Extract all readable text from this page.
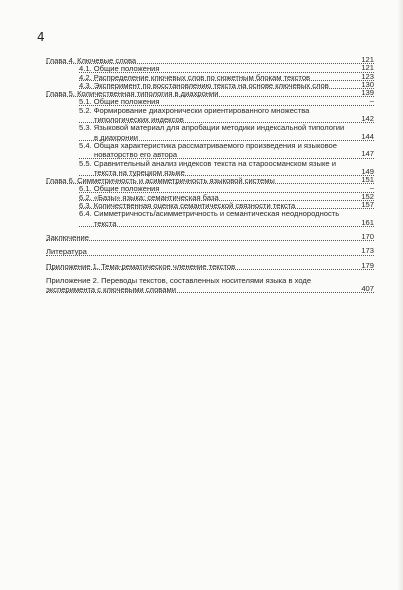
4
Глава 4. Ключевые слова	121
4.1. Общие положения	121
4.2. Распределение ключевых слов по сюжетным блокам текстов	123
4.3. Эксперимент по восстановлению текста на основе ключевых слов	130
Глава 5. Количественная типология в диахронии	139
5.1. Общие положения	–
5.2. Формирование диахронически ориентированного множества типологических индексов	142
5.3. Языковой материал для апробации методики индексальной типологии в диахронии	144
5.4. Общая характеристика рассматриваемого произведения и языковое новаторство его автора	147
5.5. Сравнительный анализ индексов текста на староосманском языке и текста на турецком языке	149
Глава 6. Симметричность и асимметричность языковой системы	151
6.1. Общие положения	–
6.2. «Базы» языка: семантическая база	152
6.3. Количественная оценка семантической связности текста	157
6.4. Симметричность/асимметричность и семантическая неоднородность текста	161
Заключение	170
Литература	173
Приложение 1. Тема-рематическое членение текстов	179
Приложение 2. Переводы текстов, составленных носителями языка в ходе эксперимента с ключевыми словами	407
